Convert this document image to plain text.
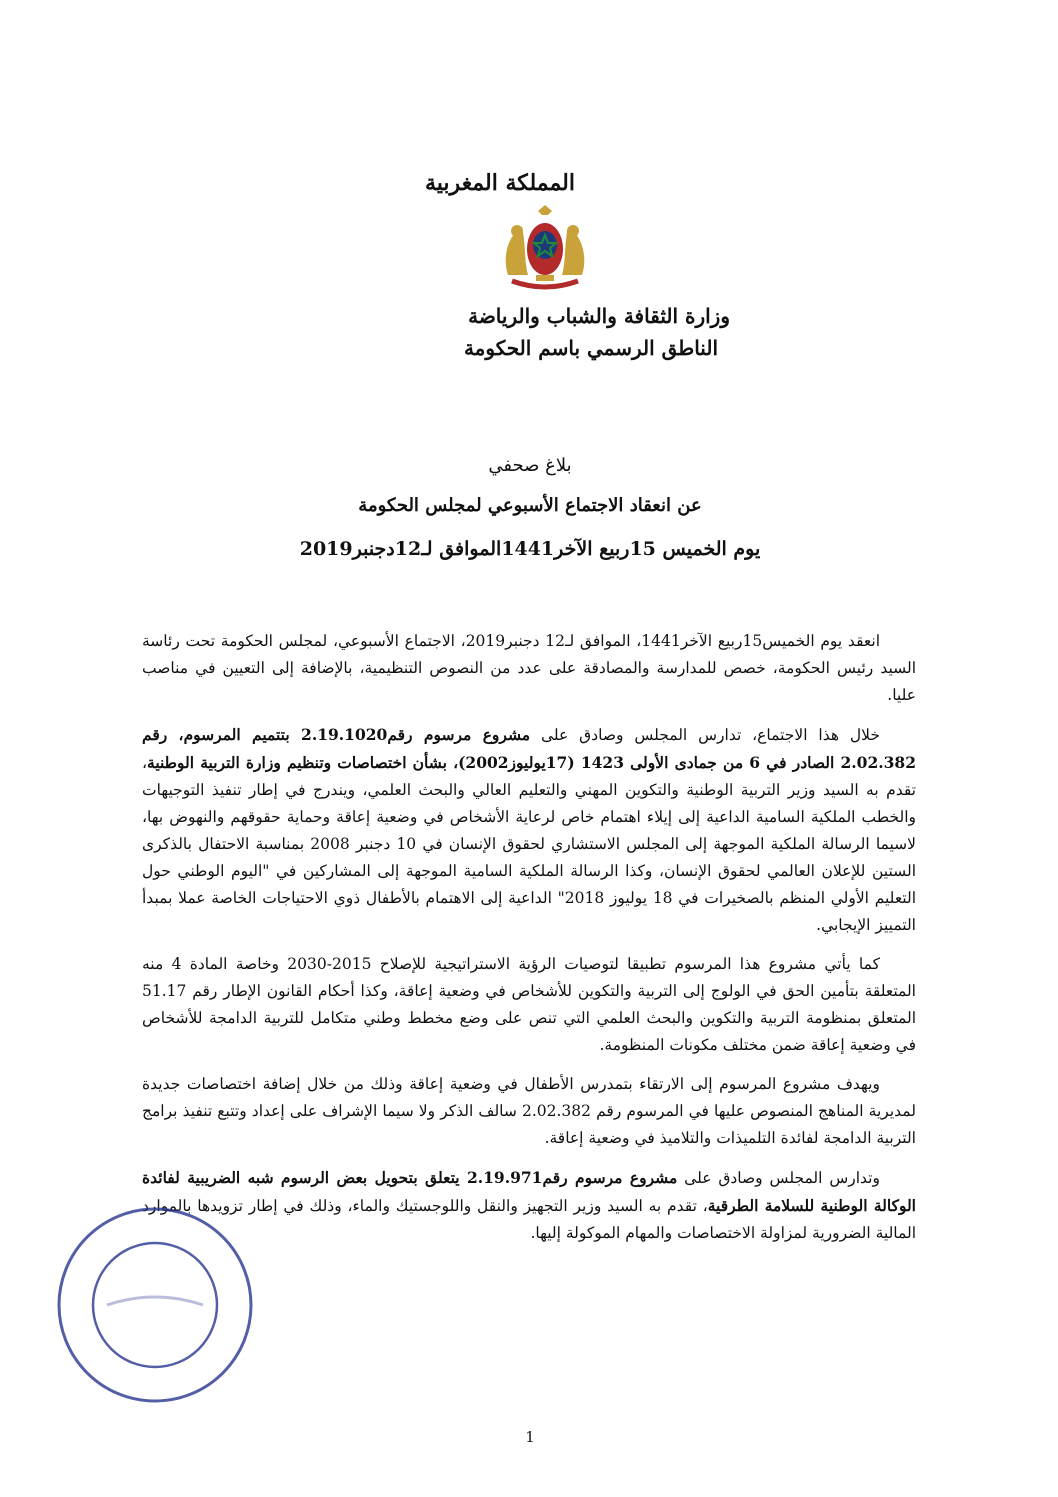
المملكة المغربية
وزارة الثقافة والشباب والرياضة
الناطق الرسمي باسم الحكومة
بلاغ صحفي
عن انعقاد الاجتماع الأسبوعي لمجلس الحكومة
يوم الخميس 15ربيع الآخر1441الموافق لـ12دجنبر2019

انعقد يوم الخميس15ربيع الآخر1441، الموافق لـ12 دجنبر2019، الاجتماع الأسبوعي، لمجلس الحكومة تحت رئاسة السيد رئيس الحكومة، خصص للمدارسة والمصادقة على عدد من النصوص التنظيمية، بالإضافة إلى التعيين في مناصب عليا.

خلال هذا الاجتماع، تدارس المجلس وصادق على مشروع مرسوم رقم2.19.1020 بتتميم المرسوم، رقم 2.02.382 الصادر في 6 من جمادى الأولى 1423 (17يوليوز2002)، بشأن اختصاصات وتنظيم وزارة التربية الوطنية، تقدم به السيد وزير التربية الوطنية والتكوين المهني والتعليم العالي والبحث العلمي، ويندرج في إطار تنفيذ التوجيهات والخطب الملكية السامية الداعية إلى إيلاء اهتمام خاص لرعاية الأشخاص في وضعية إعاقة وحماية حقوقهم والنهوض بها، لاسيما الرسالة الملكية الموجهة إلى المجلس الاستشاري لحقوق الإنسان في 10 دجنبر 2008 بمناسبة الاحتفال بالذكرى الستين للإعلان العالمي لحقوق الإنسان، وكذا الرسالة الملكية السامية الموجهة إلى المشاركين في "اليوم الوطني حول التعليم الأولي المنظم بالصخيرات في 18 يوليوز 2018" الداعية إلى الاهتمام بالأطفال ذوي الاحتياجات الخاصة عملا بمبدأ التمييز الإيجابي.

كما يأتي مشروع هذا المرسوم تطبيقا لتوصيات الرؤية الاستراتيجية للإصلاح 2015-2030 وخاصة المادة 4 منه المتعلقة بتأمين الحق في الولوج إلى التربية والتكوين للأشخاص في وضعية إعاقة، وكذا أحكام القانون الإطار رقم 51.17 المتعلق بمنظومة التربية والتكوين والبحث العلمي التي تنص على وضع مخطط وطني متكامل للتربية الدامجة للأشخاص في وضعية إعاقة ضمن مختلف مكونات المنظومة.

ويهدف مشروع المرسوم إلى الارتقاء بتمدرس الأطفال في وضعية إعاقة وذلك من خلال إضافة اختصاصات جديدة لمديرية المناهج المنصوص عليها في المرسوم رقم 2.02.382 سالف الذكر ولا سيما الإشراف على إعداد وتتبع تنفيذ برامج التربية الدامجة لفائدة التلميذات والتلاميذ في وضعية إعاقة.

وتدارس المجلس وصادق على مشروع مرسوم رقم2.19.971 يتعلق بتحويل بعض الرسوم شبه الضريبية لفائدة الوكالة الوطنية للسلامة الطرقية، تقدم به السيد وزير التجهيز والنقل واللوجستيك والماء، وذلك في إطار تزويدها بالموارد المالية الضرورية لمزاولة الاختصاصات والمهام الموكولة إليها.

1
